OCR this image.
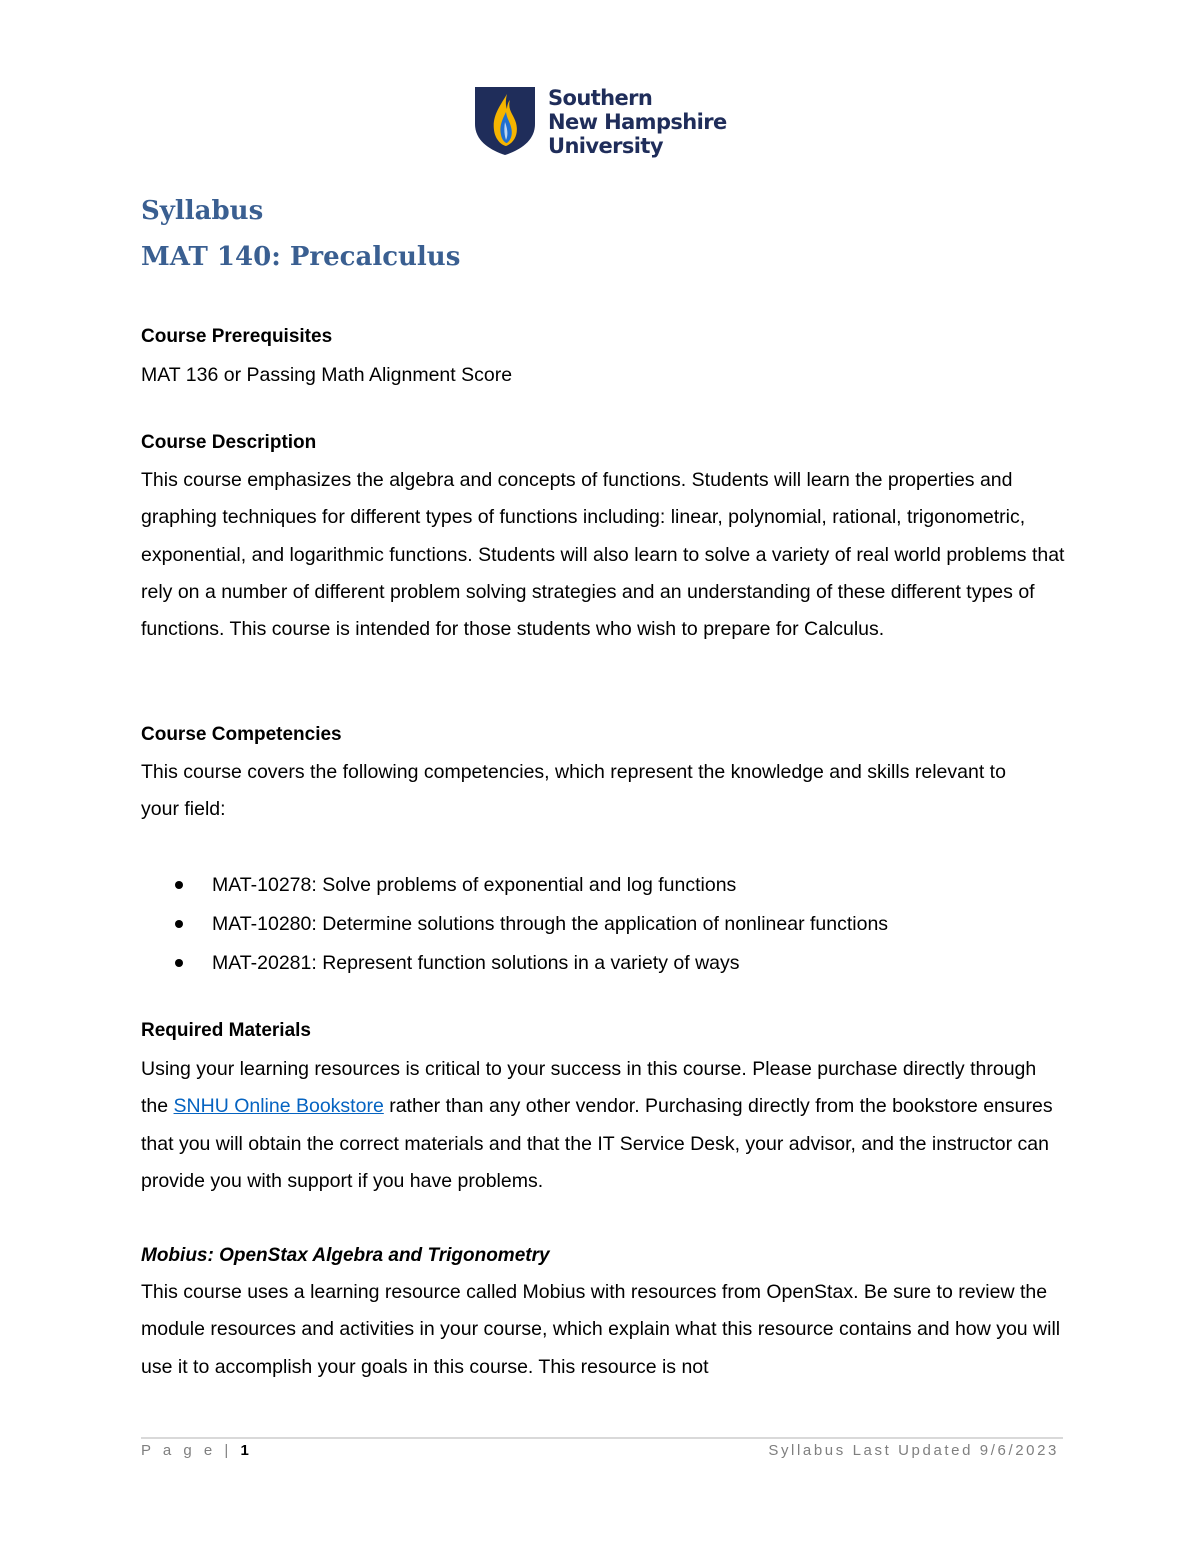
Southern
New Hampshire
University
Syllabus
MAT 140: Precalculus
Course Prerequisites
MAT 136 or Passing Math Alignment Score
Course Description
This course emphasizes the algebra and concepts of functions. Students will learn the properties and graphing techniques for different types of functions including: linear, polynomial, rational, trigonometric, exponential, and logarithmic functions. Students will also learn to solve a variety of real world problems that rely on a number of different problem solving strategies and an understanding of these different types of functions. This course is intended for those students who wish to prepare for Calculus.
Course Competencies
This course covers the following competencies, which represent the knowledge and skills relevant to your field:
MAT-10278: Solve problems of exponential and log functions
MAT-10280: Determine solutions through the application of nonlinear functions
MAT-20281: Represent function solutions in a variety of ways
Required Materials
Using your learning resources is critical to your success in this course. Please purchase directly through the SNHU Online Bookstore rather than any other vendor. Purchasing directly from the bookstore ensures that you will obtain the correct materials and that the IT Service Desk, your advisor, and the instructor can provide you with support if you have problems.
Mobius: OpenStax Algebra and Trigonometry
This course uses a learning resource called Mobius with resources from OpenStax. Be sure to review the module resources and activities in your course, which explain what this resource contains and how you will use it to accomplish your goals in this course. This resource is not
P a g e | 1	Syllabus Last Updated 9/6/2023
